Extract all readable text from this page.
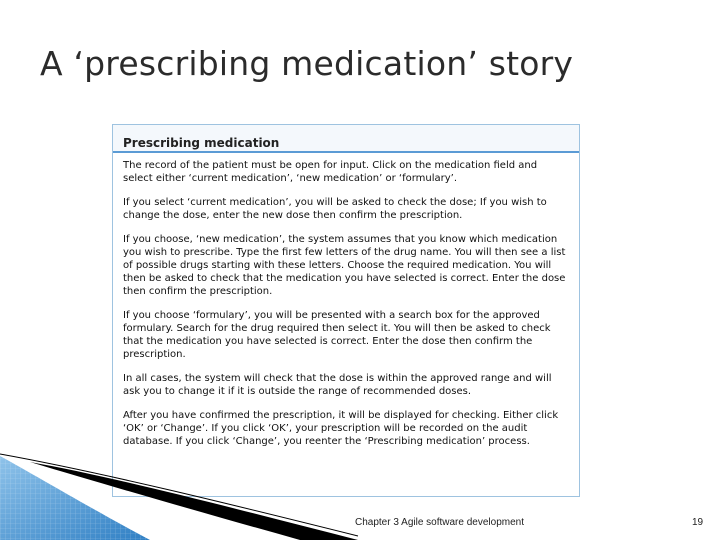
A ‘prescribing medication’ story
Prescribing medication

The record of the patient must be open for input. Click on the medication field and select either ‘current medication’, ‘new medication’ or ‘formulary’.

If you select ‘current medication’, you will be asked to check the dose; If you wish to change the dose, enter the new dose then confirm the prescription.

If you choose, ‘new medication’, the system assumes that you know which medication you wish to prescribe. Type the first few letters of the drug name. You will then see a list of possible drugs starting with these letters. Choose the required medication. You will then be asked to check that the medication you have selected is correct. Enter the dose then confirm the prescription.

If you choose ‘formulary’, you will be presented with a search box for the approved formulary. Search for the drug required then select it. You will then be asked to check that the medication you have selected is correct. Enter the dose then confirm the prescription.

In all cases, the system will check that the dose is within the approved range and will ask you to change it if it is outside the range of recommended doses.

After you have confirmed the prescription, it will be displayed for checking. Either click ‘OK’ or ‘Change’. If you click ‘OK’, your prescription will be recorded on the audit database. If you click ‘Change’, you reenter the ‘Prescribing medication’ process.

Chapter 3 Agile software development	19
